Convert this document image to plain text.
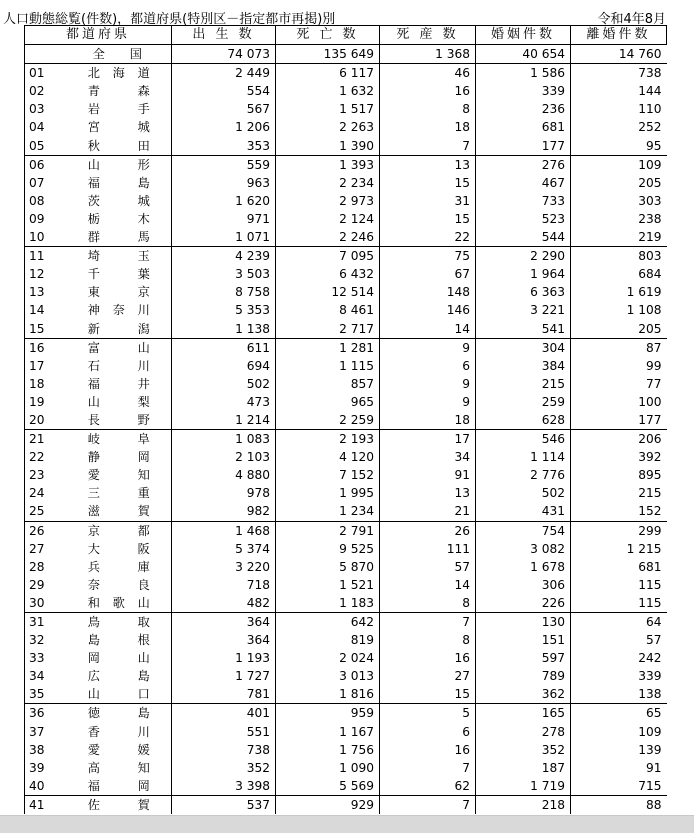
人口動態総覧(件数)，都道府県(特別区－指定都市再掲)別	令和4年8月
都道府県		出 生 数	死 亡 数	死 産 数	婚姻件数	離婚件数
	全国	74 073	135 649	1 368	40 654	14 760
01	北 海 道	2 449	6 117	46	1 586	738
02	青 森	554	1 632	16	339	144
03	岩 手	567	1 517	8	236	110
04	宮 城	1 206	2 263	18	681	252
05	秋 田	353	1 390	7	177	95
06	山 形	559	1 393	13	276	109
07	福 島	963	2 234	15	467	205
08	茨 城	1 620	2 973	31	733	303
09	栃 木	971	2 124	15	523	238
10	群 馬	1 071	2 246	22	544	219
11	埼 玉	4 239	7 095	75	2 290	803
12	千 葉	3 503	6 432	67	1 964	684
13	東 京	8 758	12 514	148	6 363	1 619
14	神 奈 川	5 353	8 461	146	3 221	1 108
15	新 潟	1 138	2 717	14	541	205
16	富 山	611	1 281	9	304	87
17	石 川	694	1 115	6	384	99
18	福 井	502	857	9	215	77
19	山 梨	473	965	9	259	100
20	長 野	1 214	2 259	18	628	177
21	岐 阜	1 083	2 193	17	546	206
22	静 岡	2 103	4 120	34	1 114	392
23	愛 知	4 880	7 152	91	2 776	895
24	三 重	978	1 995	13	502	215
25	滋 賀	982	1 234	21	431	152
26	京 都	1 468	2 791	26	754	299
27	大 阪	5 374	9 525	111	3 082	1 215
28	兵 庫	3 220	5 870	57	1 678	681
29	奈 良	718	1 521	14	306	115
30	和 歌 山	482	1 183	8	226	115
31	鳥 取	364	642	7	130	64
32	島 根	364	819	8	151	57
33	岡 山	1 193	2 024	16	597	242
34	広 島	1 727	3 013	27	789	339
35	山 口	781	1 816	15	362	138
36	徳 島	401	959	5	165	65
37	香 川	551	1 167	6	278	109
38	愛 媛	738	1 756	16	352	139
39	高 知	352	1 090	7	187	91
40	福 岡	3 398	5 569	62	1 719	715
41	佐 賀	537	929	7	218	88
